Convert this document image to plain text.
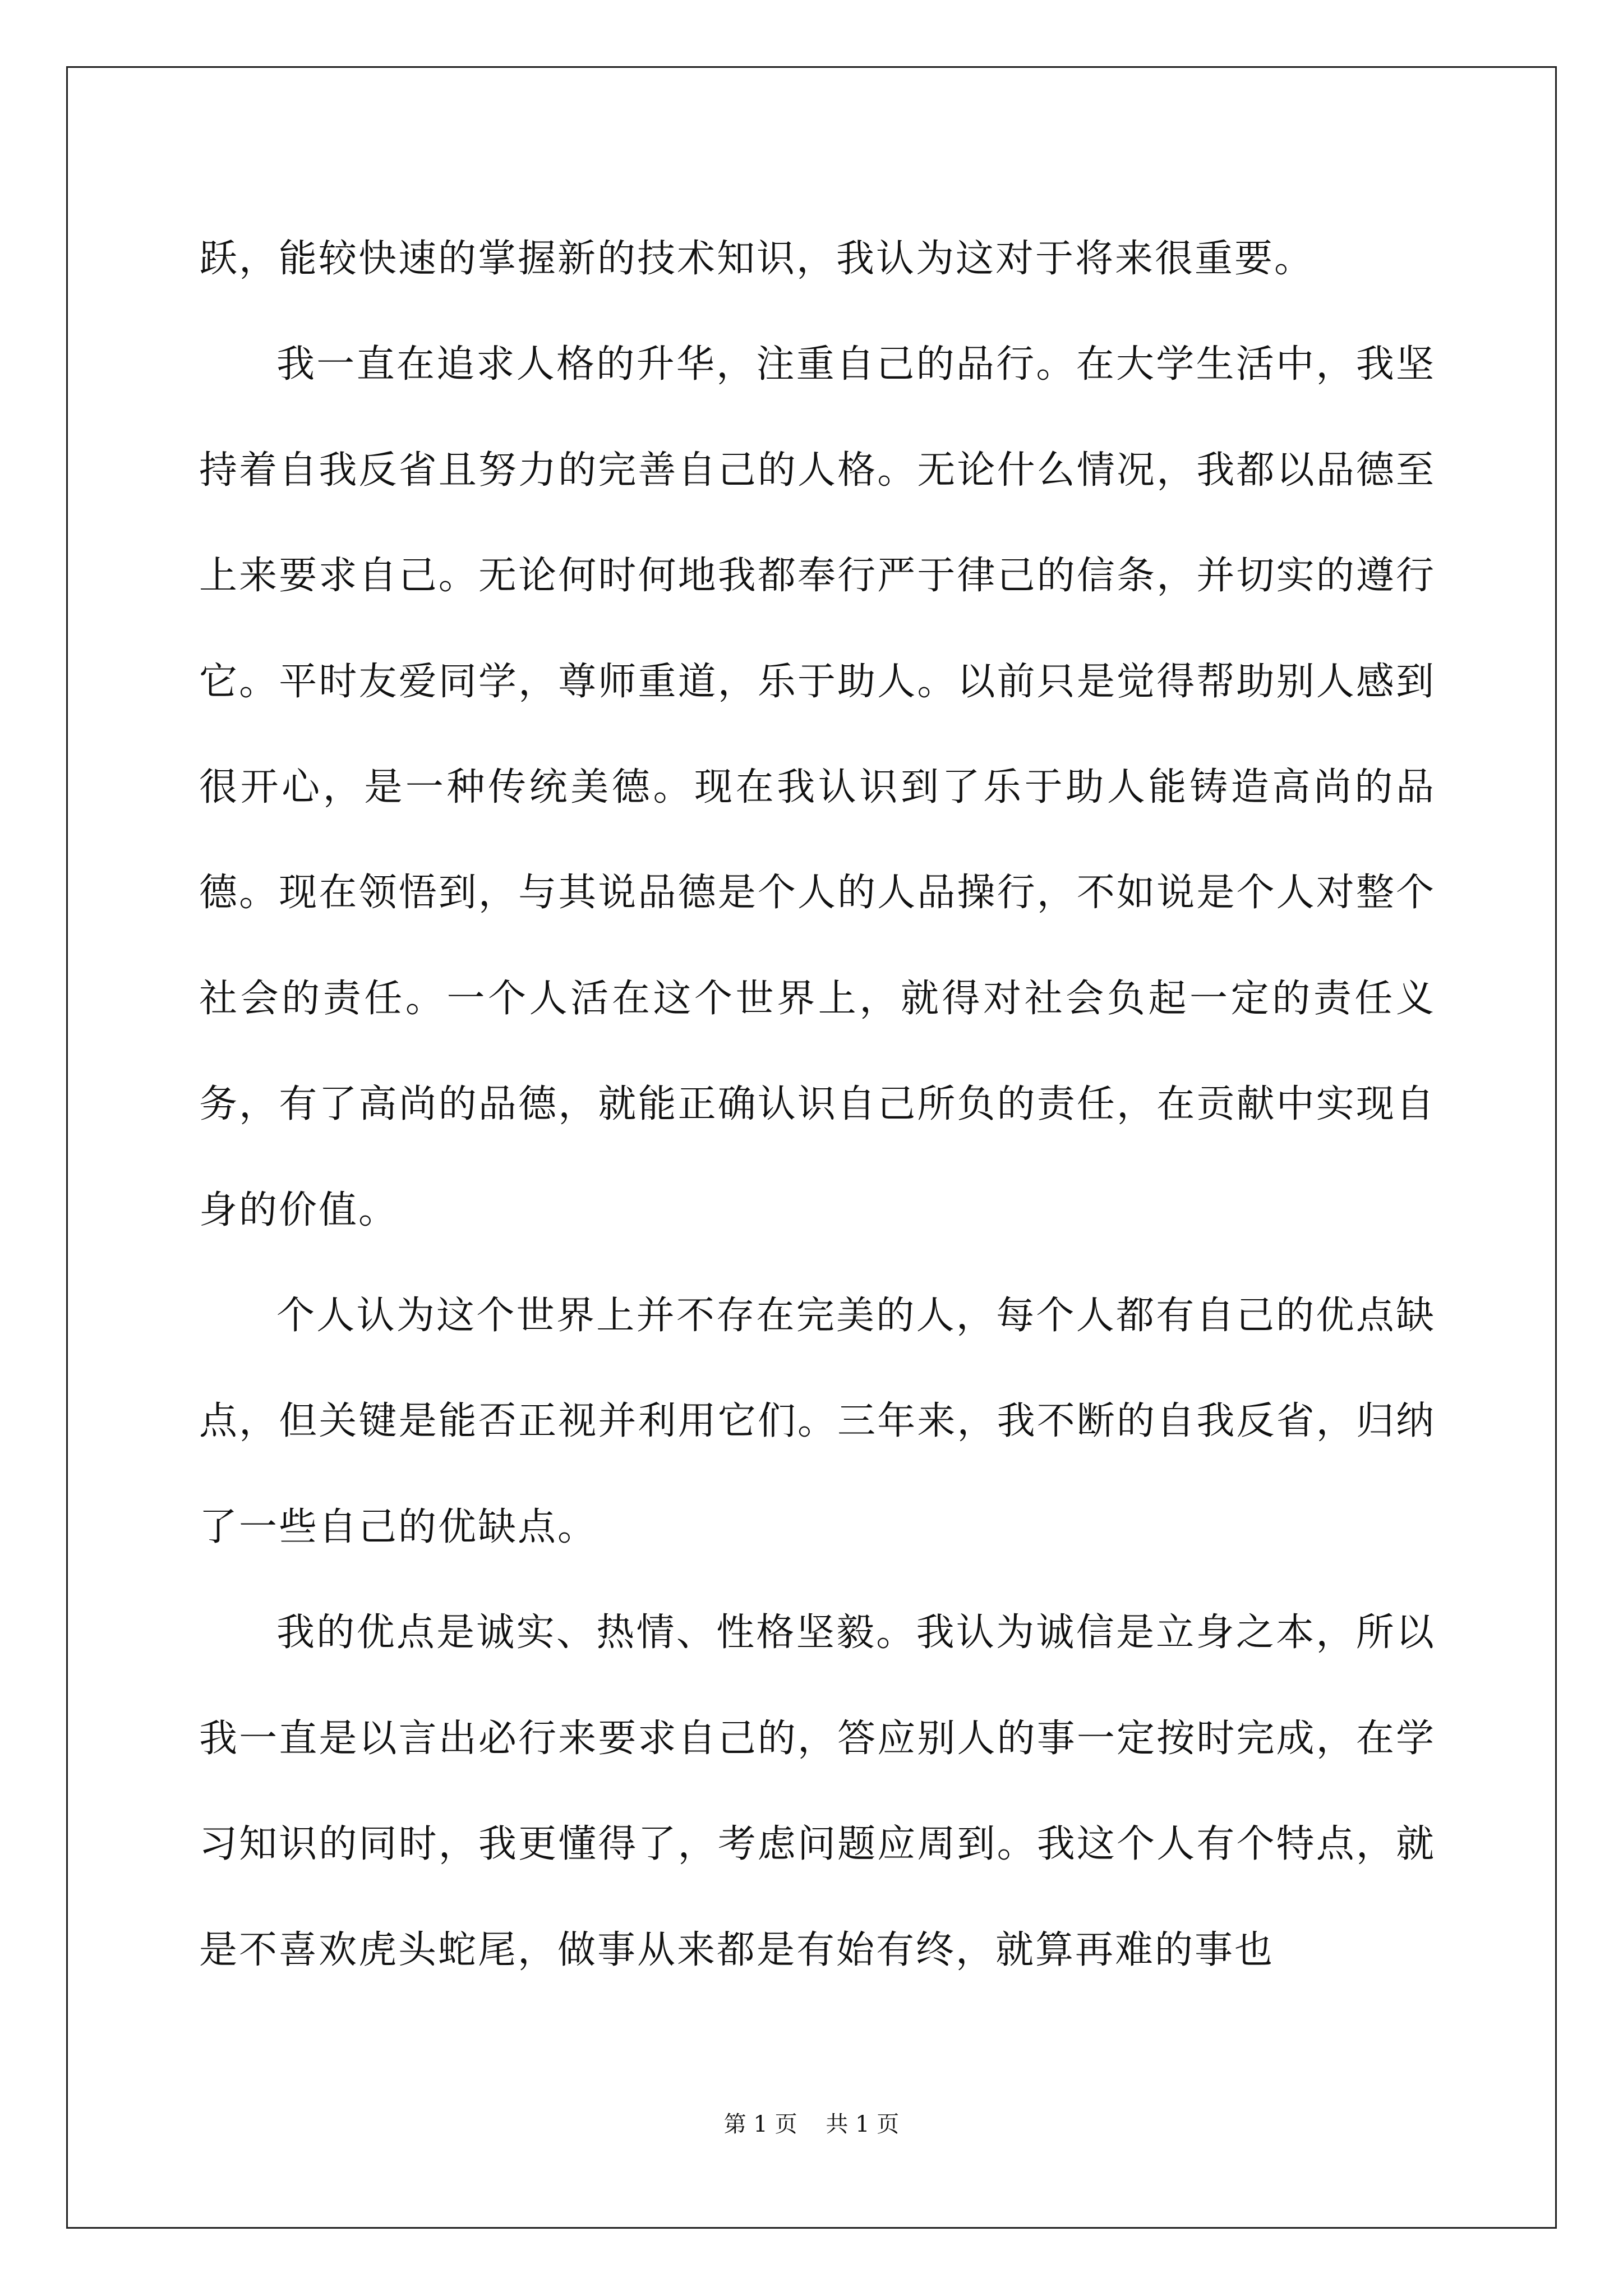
跃，能较快速的掌握新的技术知识，我认为这对于将来很重要。

我一直在追求人格的升华，注重自己的品行。在大学生活中，我坚持着自我反省且努力的完善自己的人格。无论什么情况，我都以品德至上来要求自己。无论何时何地我都奉行严于律己的信条，并切实的遵行它。平时友爱同学，尊师重道，乐于助人。以前只是觉得帮助别人感到很开心，是一种传统美德。现在我认识到了乐于助人能铸造高尚的品德。现在领悟到，与其说品德是个人的人品操行，不如说是个人对整个社会的责任。一个人活在这个世界上，就得对社会负起一定的责任义务，有了高尚的品德，就能正确认识自己所负的责任，在贡献中实现自身的价值。

个人认为这个世界上并不存在完美的人，每个人都有自己的优点缺点，但关键是能否正视并利用它们。三年来，我不断的自我反省，归纳了一些自己的优缺点。

我的优点是诚实、热情、性格坚毅。我认为诚信是立身之本，所以我一直是以言出必行来要求自己的，答应别人的事一定按时完成，在学习知识的同时，我更懂得了，考虑问题应周到。我这个人有个特点，就是不喜欢虎头蛇尾，做事从来都是有始有终，就算再难的事也

第 1 页    共 1 页
